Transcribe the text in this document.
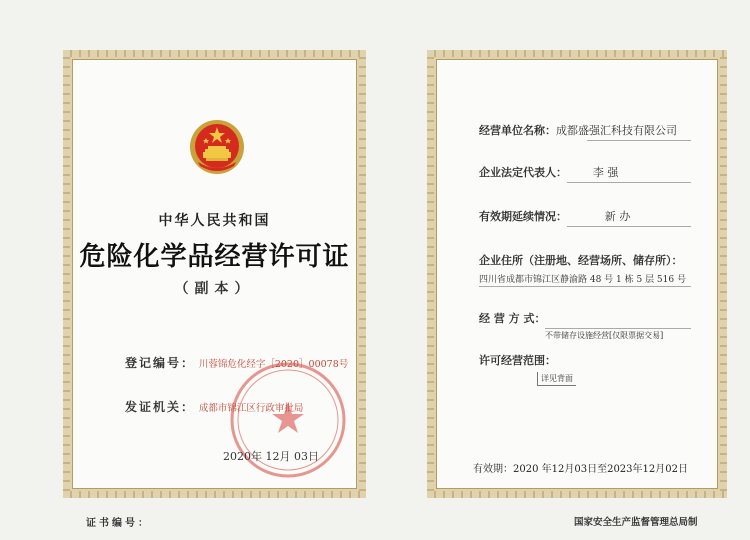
中华人民共和国
危险化学品经营许可证
（副本）
登记编号： 川蓉锦危化经字［2020］00078号
发证机关： 成都市锦江区行政审批局
2020年 12月 03日
经营单位名称：成都盛强汇科技有限公司
企业法定代表人： 李 强
有效期延续情况：	新 办
企业住所（注册地、经营场所、储存所）：
四川省成都市锦江区静渝路 48 号 1 栋 5 层 516 号
经 营 方 式：
不带储存设施经营[仅限票据交易]
许可经营范围：
详见背面
有效期：2020 年12月03日至2023年12月02日
证书编号：	国家安全生产监督管理总局制
